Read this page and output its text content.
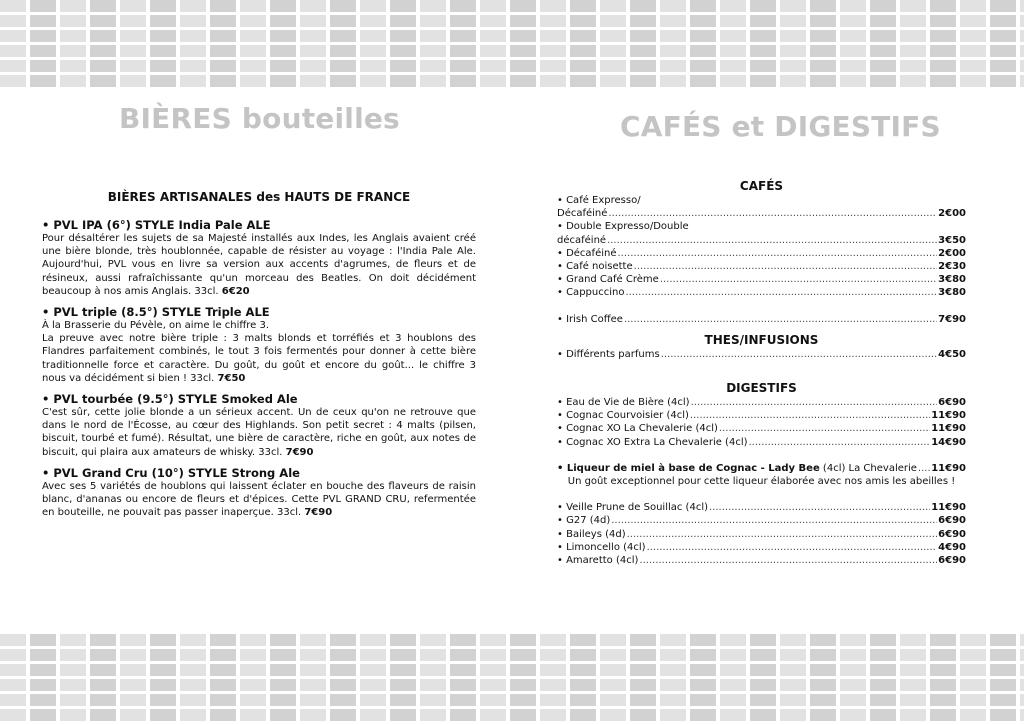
BIÈRES bouteilles	CAFÉS et DIGESTIFS
BIÈRES ARTISANALES des HAUTS DE FRANCE
• PVL IPA (6°) STYLE India Pale ALE
Pour désaltérer les sujets de sa Majesté installés aux Indes, les Anglais avaient créé une bière blonde, très houblonnée, capable de résister au voyage : l'India Pale Ale. Aujourd'hui, PVL vous en livre sa version aux accents d'agrumes, de fleurs et de résineux, aussi rafraîchissante qu'un morceau des Beatles. On doit décidément beaucoup à nos amis Anglais. 33cl. 6€20
• PVL triple (8.5°) STYLE Triple ALE
À la Brasserie du Pévèle, on aime le chiffre 3.
La preuve avec notre bière triple : 3 malts blonds et torréfiés et 3 houblons des Flandres parfaitement combinés, le tout 3 fois fermentés pour donner à cette bière traditionnelle force et caractère. Du goût, du goût et encore du goût... le chiffre 3 nous va décidément si bien ! 33cl. 7€50
• PVL tourbée (9.5°) STYLE Smoked Ale
C'est sûr, cette jolie blonde a un sérieux accent. Un de ceux qu'on ne retrouve que dans le nord de l'Écosse, au cœur des Highlands. Son petit secret : 4 malts (pilsen, biscuit, tourbé et fumé). Résultat, une bière de caractère, riche en goût, aux notes de biscuit, qui plaira aux amateurs de whisky. 33cl. 7€90
• PVL Grand Cru (10°) STYLE Strong Ale
Avec ses 5 variétés de houblons qui laissent éclater en bouche des flaveurs de raisin blanc, d'ananas ou encore de fleurs et d'épices. Cette PVL GRAND CRU, refermentée en bouteille, ne pouvait pas passer inaperçue. 33cl. 7€90
CAFÉS
• Café Expresso/
Décaféiné .....	2€00
• Double Expresso/Double
décaféiné .....	3€50
• Décaféiné .....	2€00
• Café noisette .....	2€30
• Grand Café Crème .....	3€80
• Cappuccino .....	3€80
• Irish Coffee .....	7€90
THES/INFUSIONS
• Différents parfums .....	4€50
DIGESTIFS
• Eau de Vie de Bière (4cl) .....	6€90
• Cognac Courvoisier (4cl) .....	11€90
• Cognac XO La Chevalerie (4cl) .....	11€90
• Cognac XO Extra La Chevalerie (4cl) .....	14€90
• Liqueur de miel à base de Cognac - Lady Bee (4cl) La Chevalerie ..... 11€90
Un goût exceptionnel pour cette liqueur élaborée avec nos amis les abeilles !
• Veille Prune de Souillac (4cl) .....	11€90
• G27 (4d) .....	6€90
• Baileys (4d) .....	6€90
• Limoncello (4cl) .....	4€90
• Amaretto (4cl) .....	6€90
